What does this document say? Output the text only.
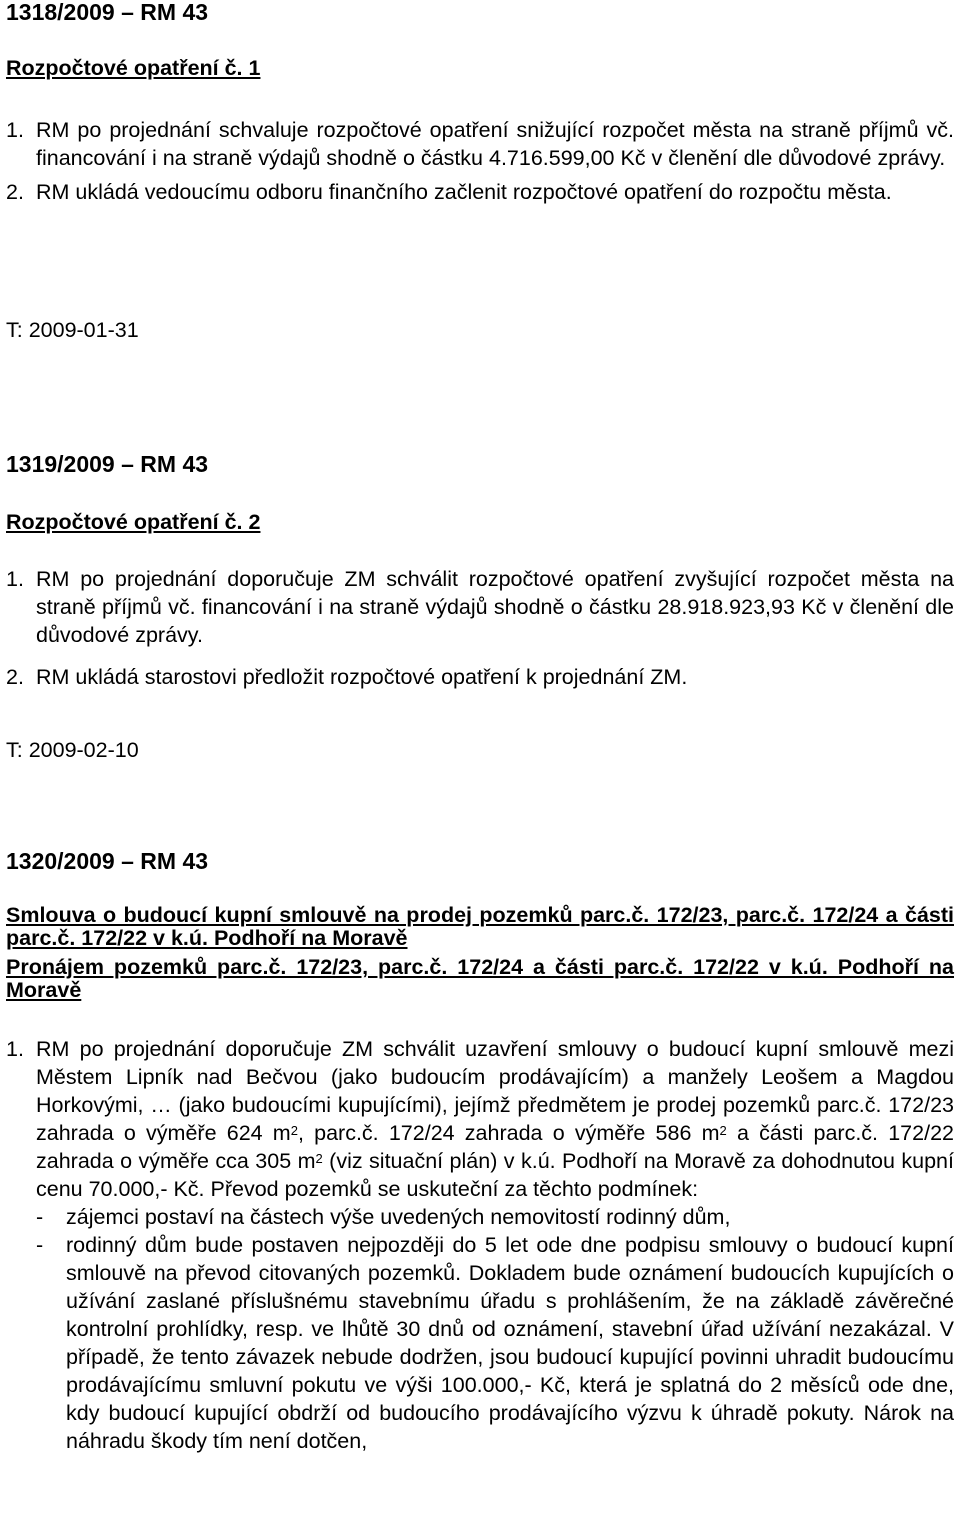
1318/2009 – RM 43
Rozpočtové opatření č. 1
1. RM po projednání schvaluje rozpočtové opatření snižující rozpočet města na straně příjmů vč. financování i na straně výdajů shodně o částku 4.716.599,00 Kč v členění dle důvodové zprávy.
2. RM ukládá vedoucímu odboru finančního začlenit rozpočtové opatření do rozpočtu města.
T: 2009-01-31
1319/2009 – RM 43
Rozpočtové opatření č. 2
1. RM po projednání doporučuje ZM schválit rozpočtové opatření zvyšující rozpočet města na straně příjmů vč. financování i na straně výdajů shodně o částku 28.918.923,93 Kč v členění dle důvodové zprávy.
2. RM ukládá starostovi předložit rozpočtové opatření k projednání ZM.
T: 2009-02-10
1320/2009 – RM 43
Smlouva o budoucí kupní smlouvě na prodej pozemků parc.č. 172/23, parc.č. 172/24 a části parc.č. 172/22 v k.ú. Podhoří na Moravě
Pronájem pozemků parc.č. 172/23, parc.č. 172/24 a části parc.č. 172/22 v k.ú. Podhoří na Moravě
1. RM po projednání doporučuje ZM schválit uzavření smlouvy o budoucí kupní smlouvě mezi Městem Lipník nad Bečvou (jako budoucím prodávajícím) a manžely Leošem a Magdou Horkovými, … (jako budoucími kupujícími), jejímž předmětem je prodej pozemků parc.č. 172/23 zahrada o výměře 624 $m^2$, parc.č. 172/24 zahrada o výměře 586 $m^2$ a části parc.č. 172/22 zahrada o výměře cca 305 $m^2$ (viz situační plán) v k.ú. Podhoří na Moravě za dohodnutou kupní cenu 70.000,- Kč. Převod pozemků se uskuteční za těchto podmínek:
- zájemci postaví na částech výše uvedených nemovitostí rodinný dům,
- rodinný dům bude postaven nejpozději do 5 let ode dne podpisu smlouvy o budoucí kupní smlouvě na převod citovaných pozemků. Dokladem bude oznámení budoucích kupujících o užívání zaslané příslušnému stavebnímu úřadu s prohlášením, že na základě závěrečné kontrolní prohlídky, resp. ve lhůtě 30 dnů od oznámení, stavební úřad užívání nezakázal. V případě, že tento závazek nebude dodržen, jsou budoucí kupující povinni uhradit budoucímu prodávajícímu smluvní pokutu ve výši 100.000,- Kč, která je splatná do 2 měsíců ode dne, kdy budoucí kupující obdrží od budoucího prodávajícího výzvu k úhradě pokuty. Nárok na náhradu škody tím není dotčen,
